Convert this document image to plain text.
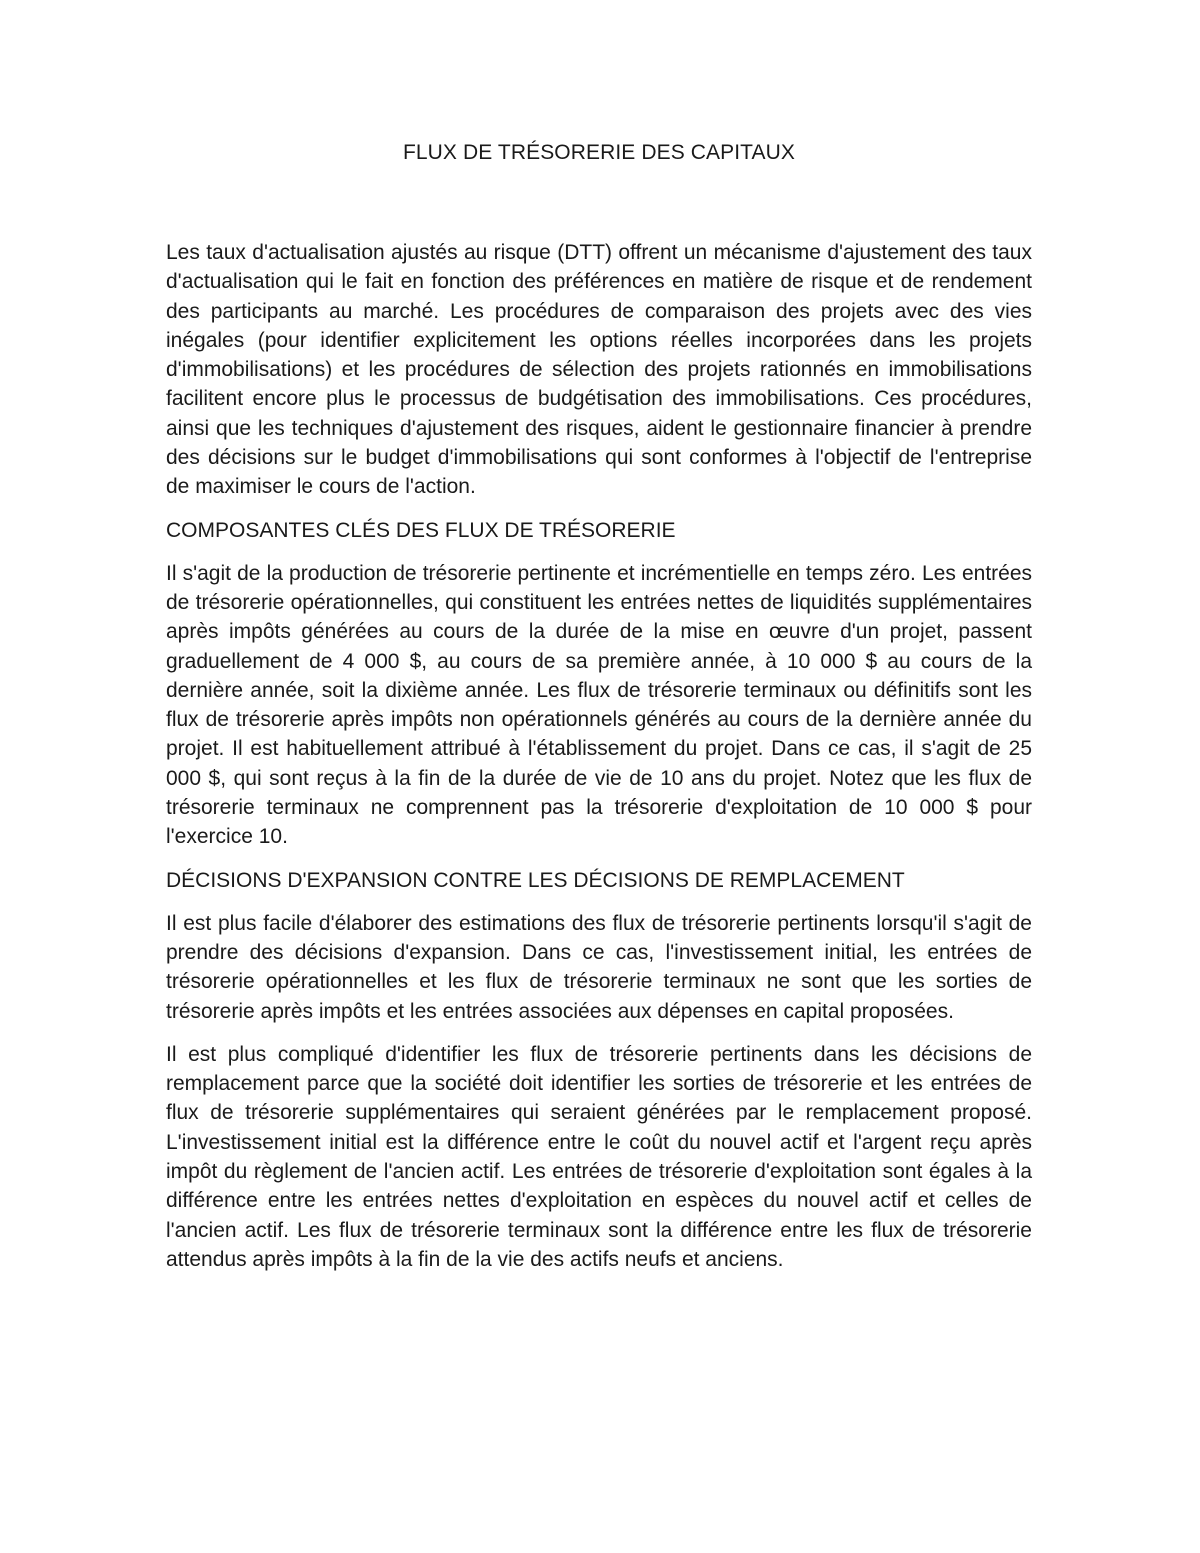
FLUX DE TRÉSORERIE DES CAPITAUX

Les taux d'actualisation ajustés au risque (DTT) offrent un mécanisme d'ajustement des taux d'actualisation qui le fait en fonction des préférences en matière de risque et de rendement des participants au marché. Les procédures de comparaison des projets avec des vies inégales (pour identifier explicitement les options réelles incorporées dans les projets d'immobilisations) et les procédures de sélection des projets rationnés en immobilisations facilitent encore plus le processus de budgétisation des immobilisations. Ces procédures, ainsi que les techniques d'ajustement des risques, aident le gestionnaire financier à prendre des décisions sur le budget d'immobilisations qui sont conformes à l'objectif de l'entreprise de maximiser le cours de l'action.

COMPOSANTES CLÉS DES FLUX DE TRÉSORERIE

Il s'agit de la production de trésorerie pertinente et incrémentielle en temps zéro. Les entrées de trésorerie opérationnelles, qui constituent les entrées nettes de liquidités supplémentaires après impôts générées au cours de la durée de la mise en œuvre d'un projet, passent graduellement de 4 000 $, au cours de sa première année, à 10 000 $ au cours de la dernière année, soit la dixième année. Les flux de trésorerie terminaux ou définitifs sont les flux de trésorerie après impôts non opérationnels générés au cours de la dernière année du projet. Il est habituellement attribué à l'établissement du projet. Dans ce cas, il s'agit de 25 000 $, qui sont reçus à la fin de la durée de vie de 10 ans du projet. Notez que les flux de trésorerie terminaux ne comprennent pas la trésorerie d'exploitation de 10 000 $ pour l'exercice 10.

DÉCISIONS D'EXPANSION CONTRE LES DÉCISIONS DE REMPLACEMENT

Il est plus facile d'élaborer des estimations des flux de trésorerie pertinents lorsqu'il s'agit de prendre des décisions d'expansion. Dans ce cas, l'investissement initial, les entrées de trésorerie opérationnelles et les flux de trésorerie terminaux ne sont que les sorties de trésorerie après impôts et les entrées associées aux dépenses en capital proposées.

Il est plus compliqué d'identifier les flux de trésorerie pertinents dans les décisions de remplacement parce que la société doit identifier les sorties de trésorerie et les entrées de flux de trésorerie supplémentaires qui seraient générées par le remplacement proposé. L'investissement initial est la différence entre le coût du nouvel actif et l'argent reçu après impôt du règlement de l'ancien actif. Les entrées de trésorerie d'exploitation sont égales à la différence entre les entrées nettes d'exploitation en espèces du nouvel actif et celles de l'ancien actif. Les flux de trésorerie terminaux sont la différence entre les flux de trésorerie attendus après impôts à la fin de la vie des actifs neufs et anciens.
